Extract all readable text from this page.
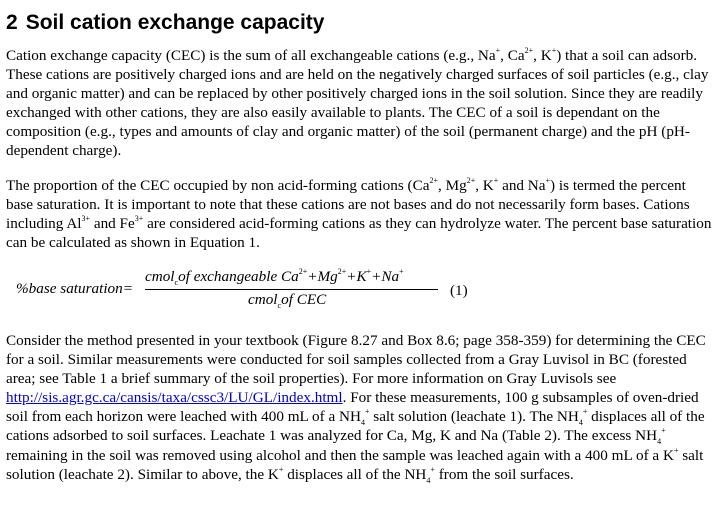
2 Soil cation exchange capacity

Cation exchange capacity (CEC) is the sum of all exchangeable cations (e.g., Na+, $Ca^{2+}$, K+) that a soil can adsorb. These cations are positively charged ions and are held on the negatively charged surfaces of soil particles (e.g., clay and organic matter) and can be replaced by other positively charged ions in the soil solution. Since they are readily exchanged with other cations, they are also easily available to plants. The CEC of a soil is dependant on the composition (e.g., types and amounts of clay and organic matter) of the soil (permanent charge) and the pH (pH-dependent charge).

The proportion of the CEC occupied by non acid-forming cations ($Ca^{2+}$, $Mg^{2+}$, K+ and Na+) is termed the percent base saturation. It is important to note that these cations are not bases and do not necessarily form bases. Cations including $Al^{3+}$ and $Fe^{3+}$ are considered acid-forming cations as they can hydrolyze water. The percent base saturation can be calculated as shown in Equation 1.

%base saturation=
cmol$_c$of exchangeable $Ca^{2+}+Mg^{2+}+K^++Na^+$
cmol$_c$of CEC
(1)

Consider the method presented in your textbook (Figure 8.27 and Box 8.6; page 358-359) for determining the CEC for a soil. Similar measurements were conducted for soil samples collected from a Gray Luvisol in BC (forested area; see Table 1 a brief summary of the soil properties). For more information on Gray Luvisols see http://sis.agr.gc.ca/cansis/taxa/cssc3/LU/GL/index.html. For these measurements, 100 g subsamples of oven-dried soil from each horizon were leached with 400 mL of a $NH_4^+$ salt solution (leachate 1). The $NH_4^+$ displaces all of the cations adsorbed to soil surfaces. Leachate 1 was analyzed for Ca, Mg, K and Na (Table 2). The excess $NH_4^+$ remaining in the soil was removed using alcohol and then the sample was leached again with a 400 mL of a K+ salt solution (leachate 2). Similar to above, the K+ displaces all of the $NH_4^+$ from the soil surfaces.
